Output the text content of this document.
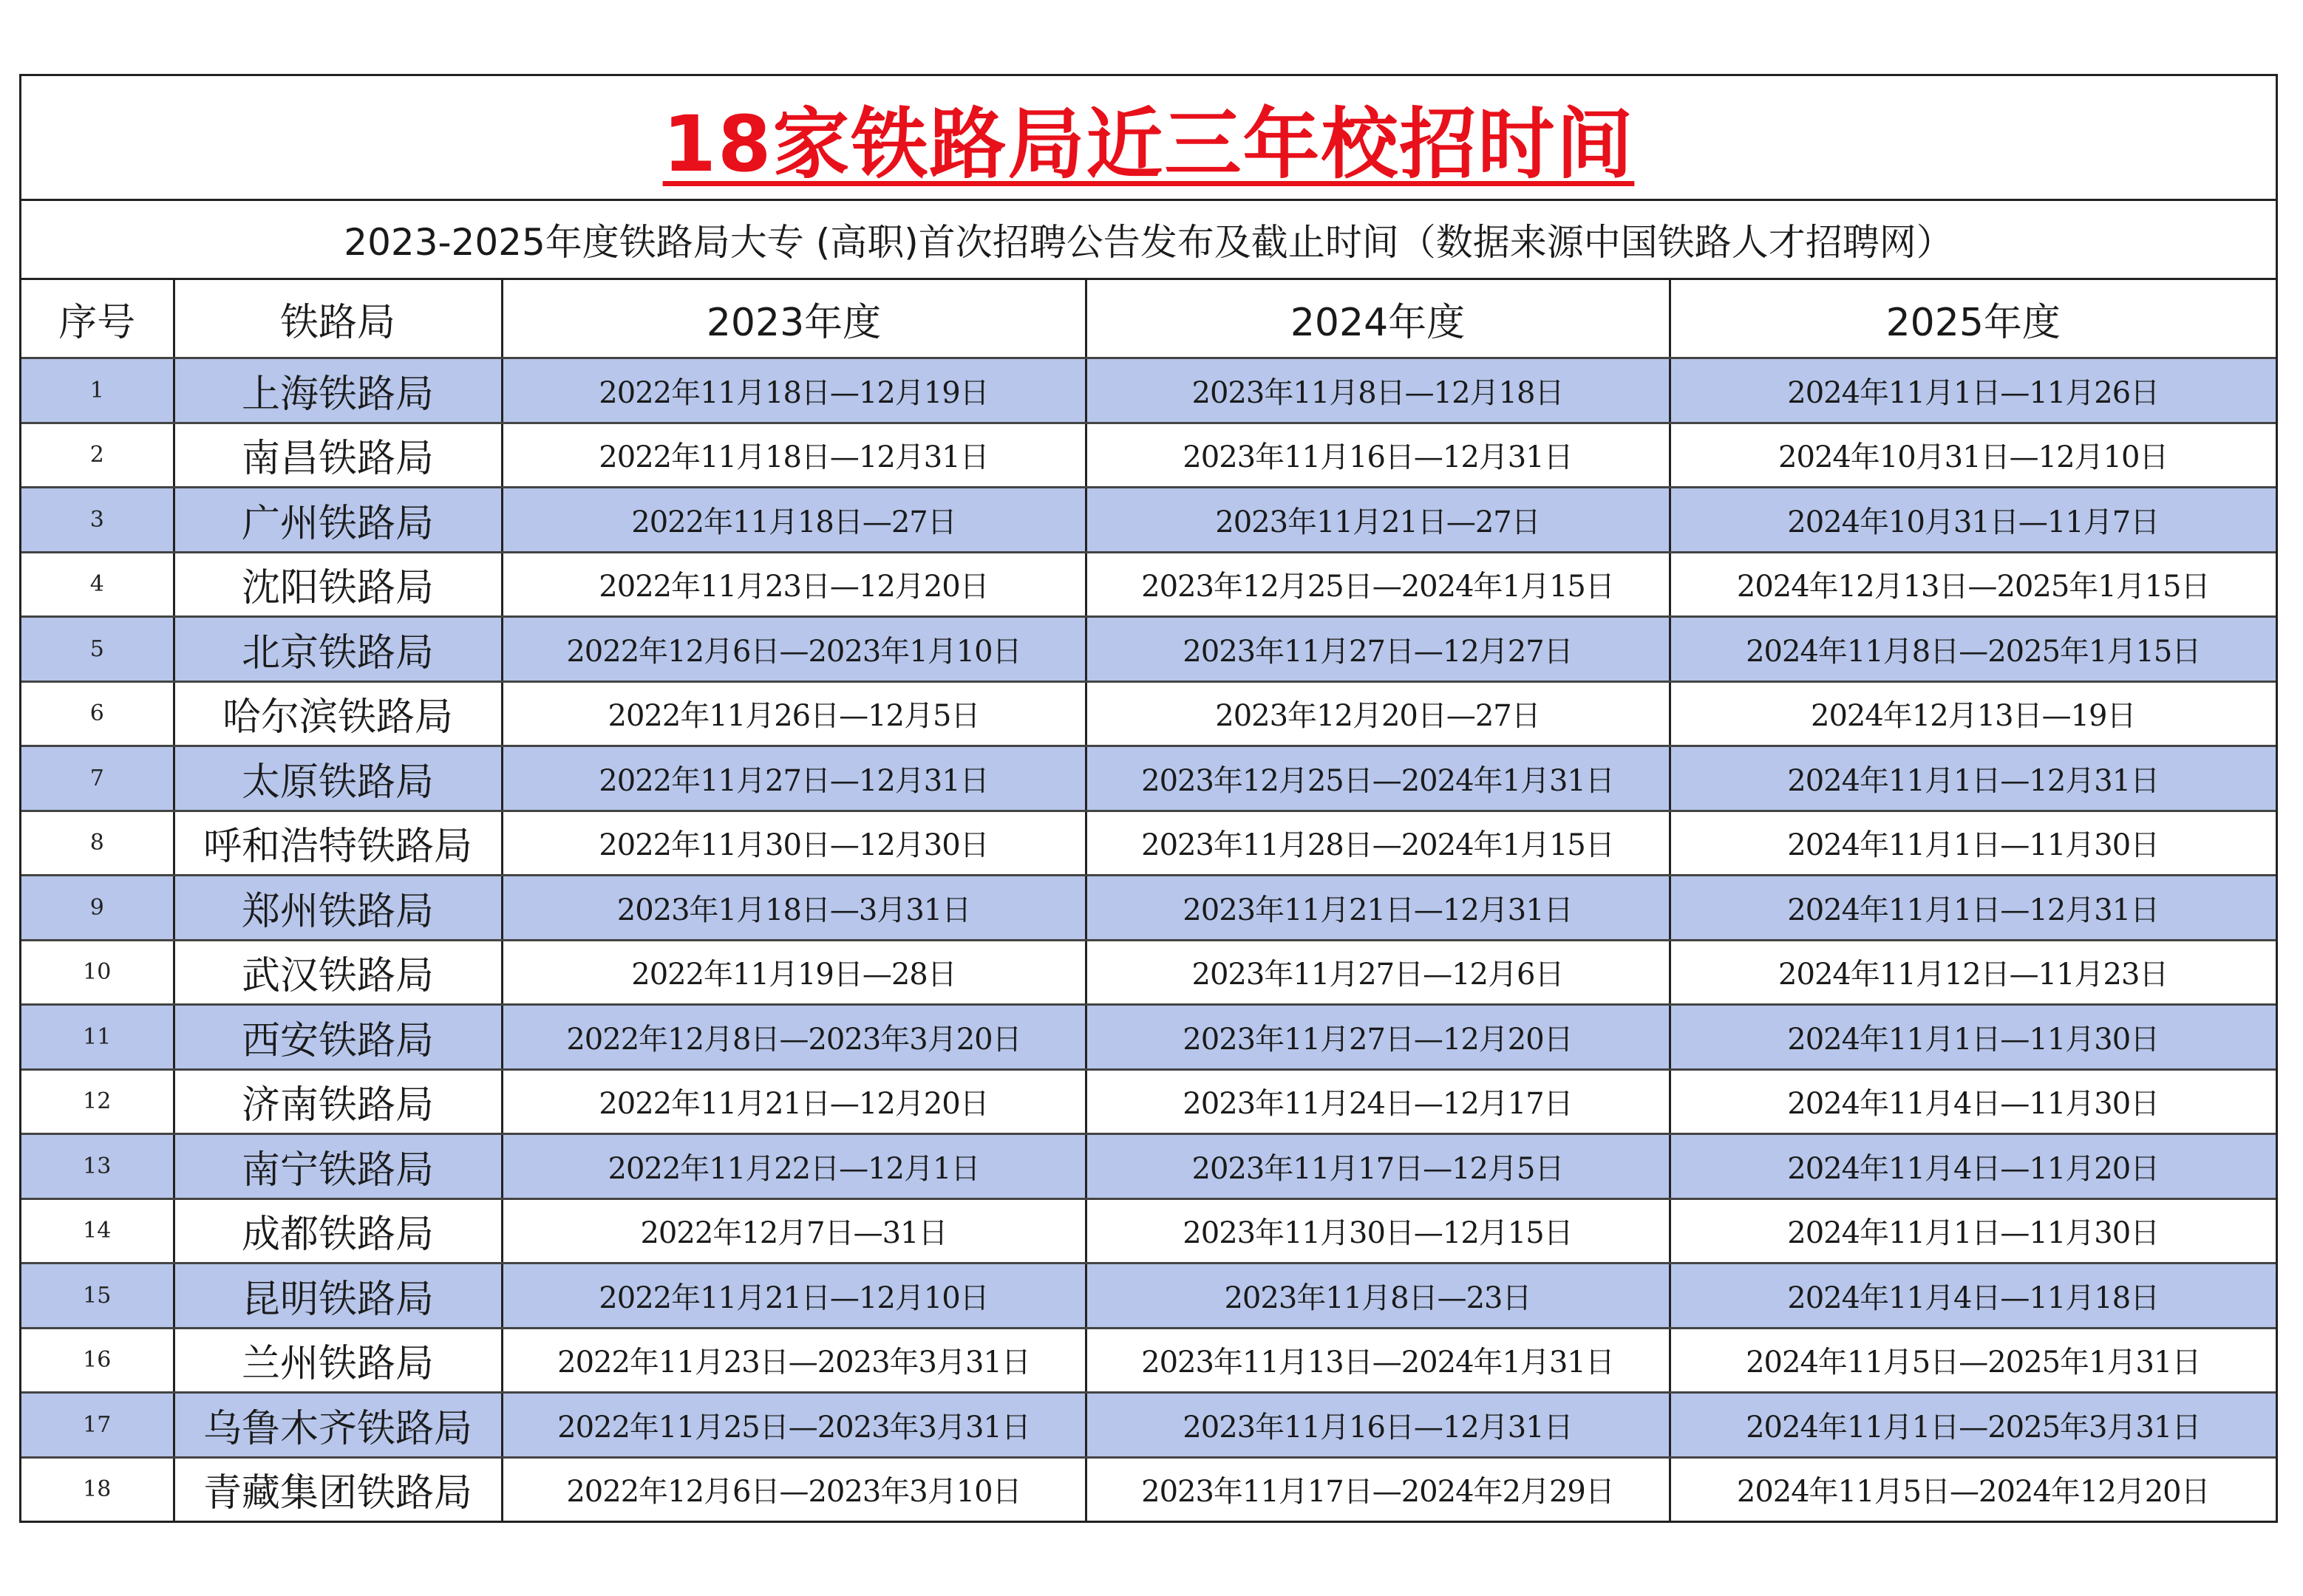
18家铁路局近三年校招时间
2023-2025年度铁路局大专 (高职)首次招聘公告发布及截止时间（数据来源中国铁路人才招聘网）
序号	铁路局	2023年度	2024年度	2025年度
1	上海铁路局	2022年11月18日—12月19日	2023年11月8日—12月18日	2024年11月1日—11月26日
2	南昌铁路局	2022年11月18日—12月31日	2023年11月16日—12月31日	2024年10月31日—12月10日
3	广州铁路局	2022年11月18日—27日	2023年11月21日—27日	2024年10月31日—11月7日
4	沈阳铁路局	2022年11月23日—12月20日	2023年12月25日—2024年1月15日	2024年12月13日—2025年1月15日
5	北京铁路局	2022年12月6日—2023年1月10日	2023年11月27日—12月27日	2024年11月8日—2025年1月15日
6	哈尔滨铁路局	2022年11月26日—12月5日	2023年12月20日—27日	2024年12月13日—19日
7	太原铁路局	2022年11月27日—12月31日	2023年12月25日—2024年1月31日	2024年11月1日—12月31日
8	呼和浩特铁路局	2022年11月30日—12月30日	2023年11月28日—2024年1月15日	2024年11月1日—11月30日
9	郑州铁路局	2023年1月18日—3月31日	2023年11月21日—12月31日	2024年11月1日—12月31日
10	武汉铁路局	2022年11月19日—28日	2023年11月27日—12月6日	2024年11月12日—11月23日
11	西安铁路局	2022年12月8日—2023年3月20日	2023年11月27日—12月20日	2024年11月1日—11月30日
12	济南铁路局	2022年11月21日—12月20日	2023年11月24日—12月17日	2024年11月4日—11月30日
13	南宁铁路局	2022年11月22日—12月1日	2023年11月17日—12月5日	2024年11月4日—11月20日
14	成都铁路局	2022年12月7日—31日	2023年11月30日—12月15日	2024年11月1日—11月30日
15	昆明铁路局	2022年11月21日—12月10日	2023年11月8日—23日	2024年11月4日—11月18日
16	兰州铁路局	2022年11月23日—2023年3月31日	2023年11月13日—2024年1月31日	2024年11月5日—2025年1月31日
17	乌鲁木齐铁路局	2022年11月25日—2023年3月31日	2023年11月16日—12月31日	2024年11月1日—2025年3月31日
18	青藏集团铁路局	2022年12月6日—2023年3月10日	2023年11月17日—2024年2月29日	2024年11月5日—2024年12月20日
